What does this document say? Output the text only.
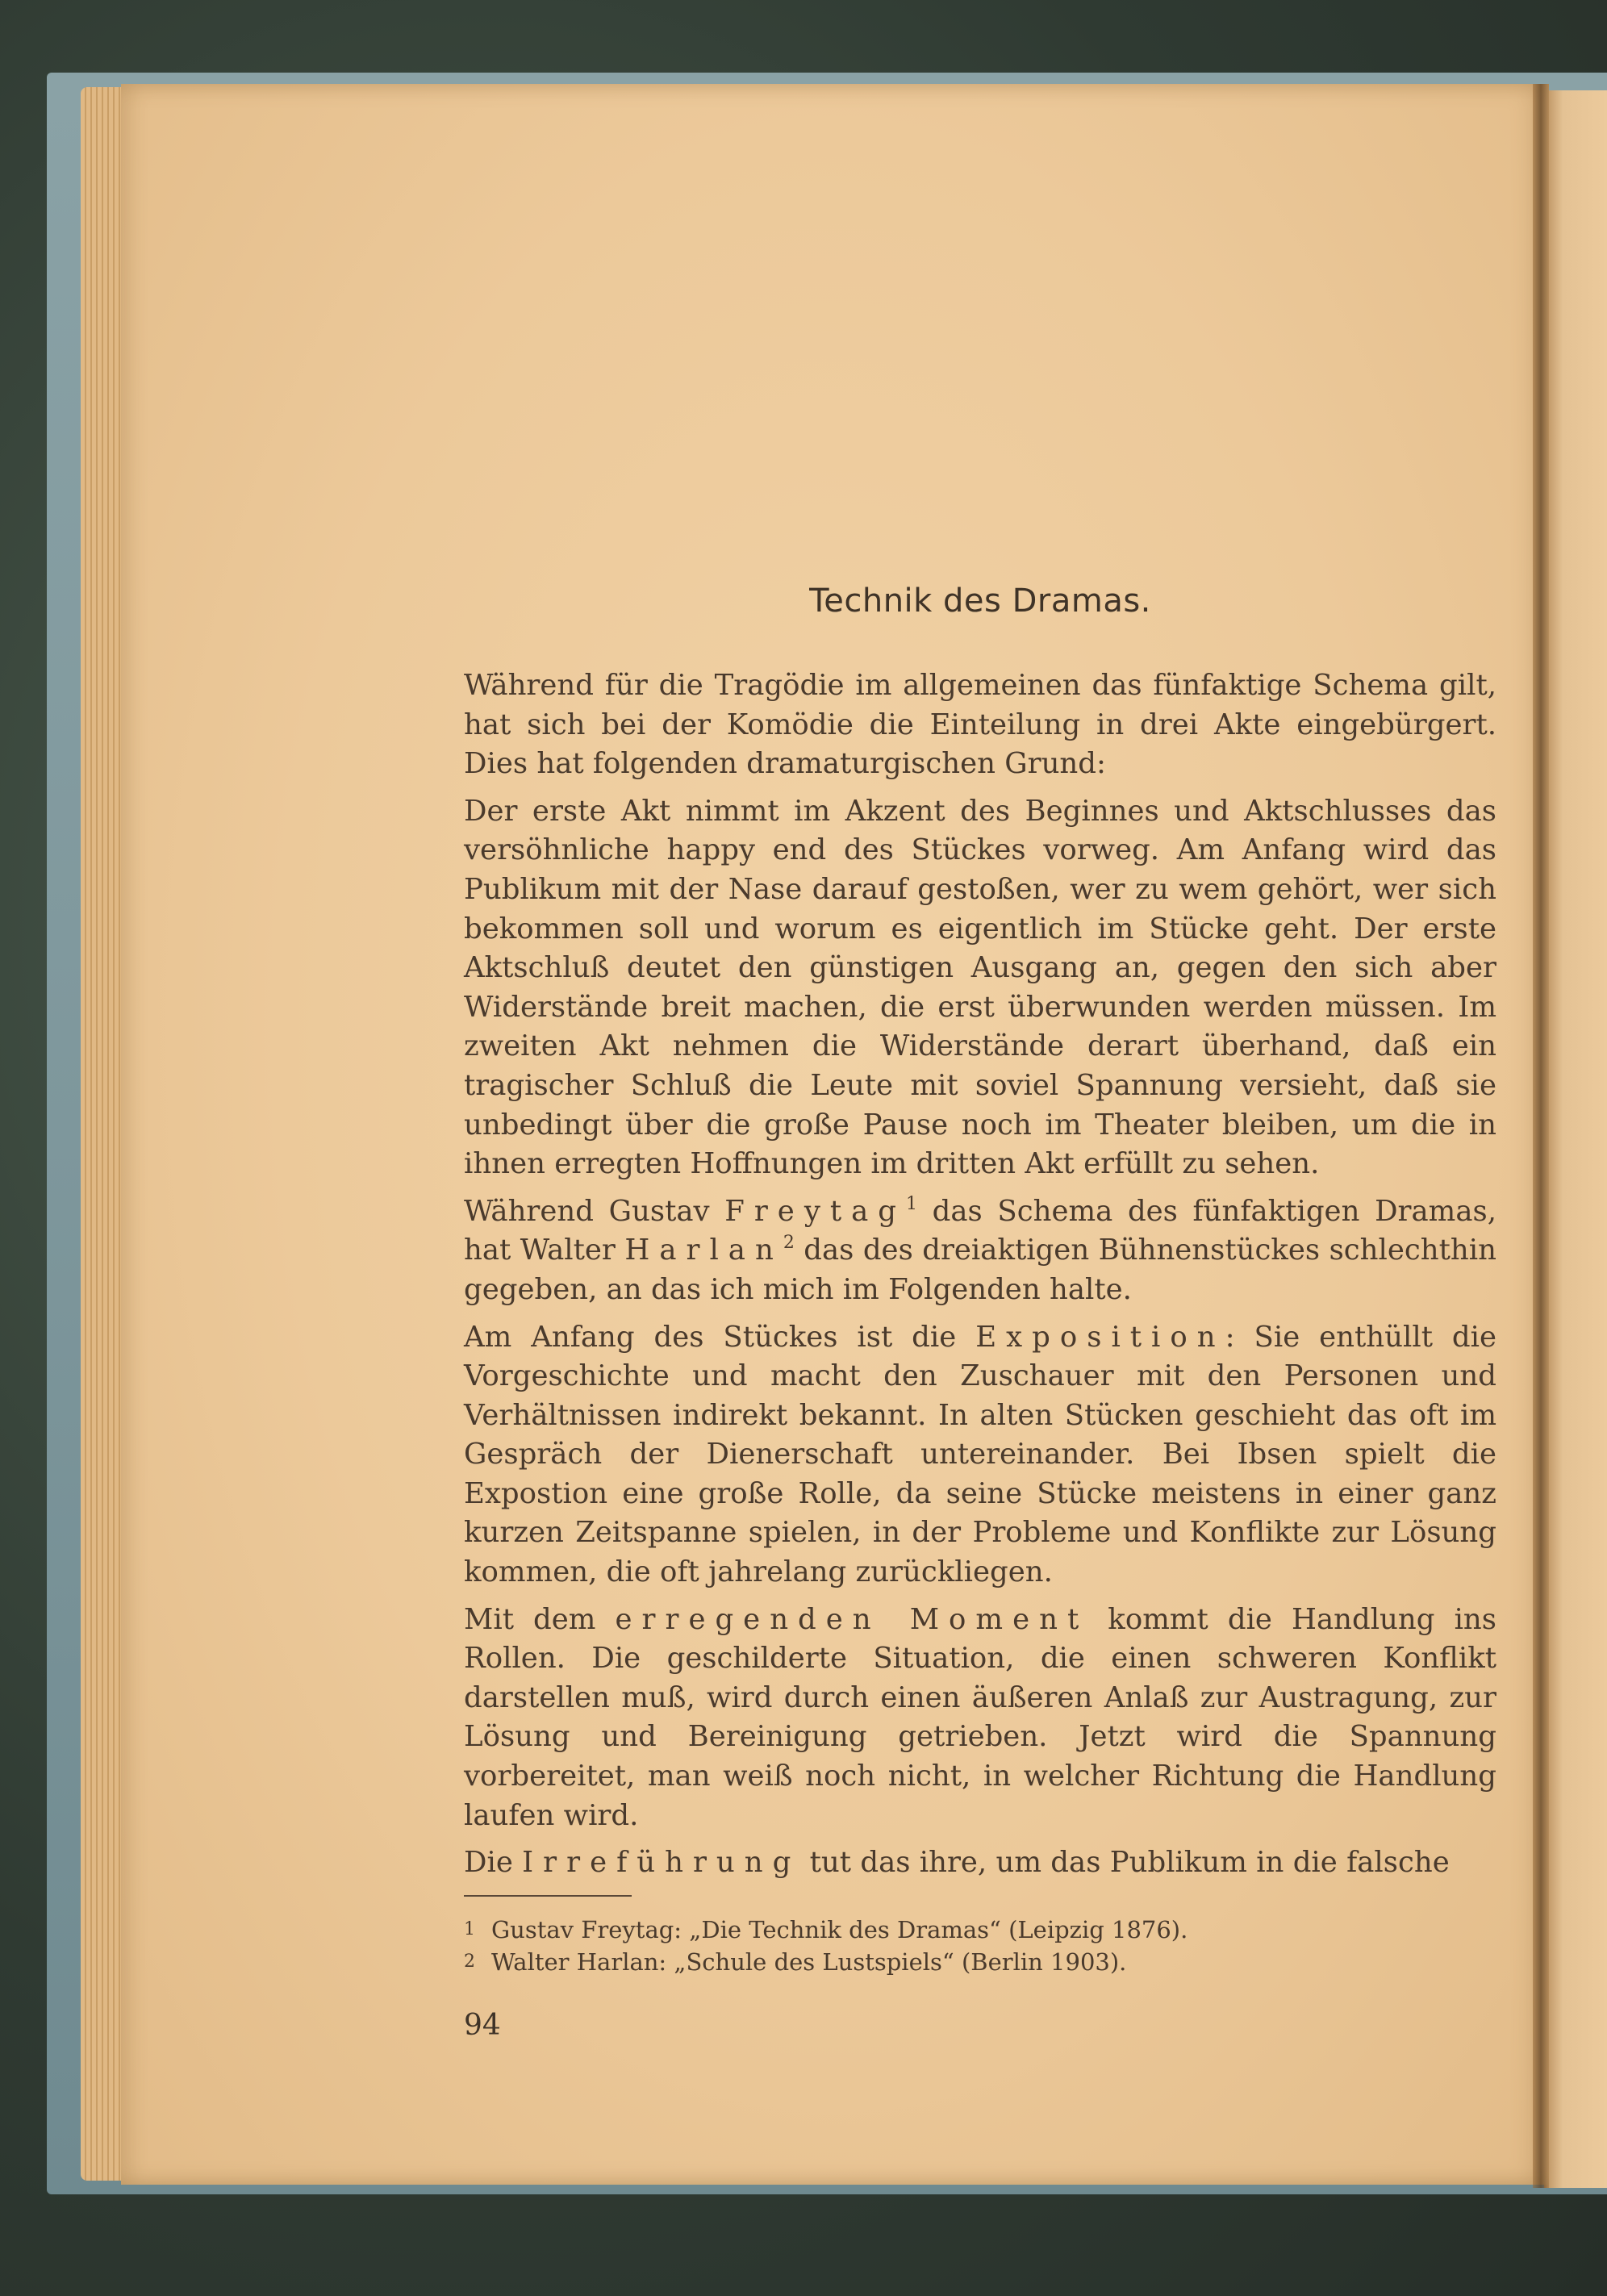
Technik des Dramas.

Während für die Tragödie im allgemeinen das fünfaktige Schema gilt, hat sich bei der Komödie die Einteilung in drei Akte eingebürgert. Dies hat folgenden dramaturgischen Grund:

Der erste Akt nimmt im Akzent des Beginnes und Aktschlusses das versöhnliche happy end des Stückes vorweg. Am Anfang wird das Publikum mit der Nase darauf gestoßen, wer zu wem gehört, wer sich bekommen soll und worum es eigentlich im Stücke geht. Der erste Aktschluß deutet den günstigen Ausgang an, gegen den sich aber Widerstände breit machen, die erst überwunden werden müssen. Im zweiten Akt nehmen die Widerstände derart überhand, daß ein tragischer Schluß die Leute mit soviel Spannung versieht, daß sie unbedingt über die große Pause noch im Theater bleiben, um die in ihnen erregten Hoffnungen im dritten Akt erfüllt zu sehen.

Während Gustav Freytag$^1$ das Schema des fünfaktigen Dramas, hat Walter Harlan$^2$ das des dreiaktigen Bühnenstückes schlechthin gegeben, an das ich mich im Folgenden halte.

Am Anfang des Stückes ist die Exposition: Sie enthüllt die Vorgeschichte und macht den Zuschauer mit den Personen und Verhältnissen indirekt bekannt. In alten Stücken geschieht das oft im Gespräch der Dienerschaft untereinander. Bei Ibsen spielt die Expostion eine große Rolle, da seine Stücke meistens in einer ganz kurzen Zeitspanne spielen, in der Probleme und Konflikte zur Lösung kommen, die oft jahrelang zurückliegen.

Mit dem erregenden Moment kommt die Handlung ins Rollen. Die geschilderte Situation, die einen schweren Konflikt darstellen muß, wird durch einen äußeren Anlaß zur Austragung, zur Lösung und Bereinigung getrieben. Jetzt wird die Spannung vorbereitet, man weiß noch nicht, in welcher Richtung die Handlung laufen wird.

Die Irreführung tut das ihre, um das Publikum in die falsche

1 Gustav Freytag: „Die Technik des Dramas“ (Leipzig 1876).
2 Walter Harlan: „Schule des Lustspiels“ (Berlin 1903).
94
